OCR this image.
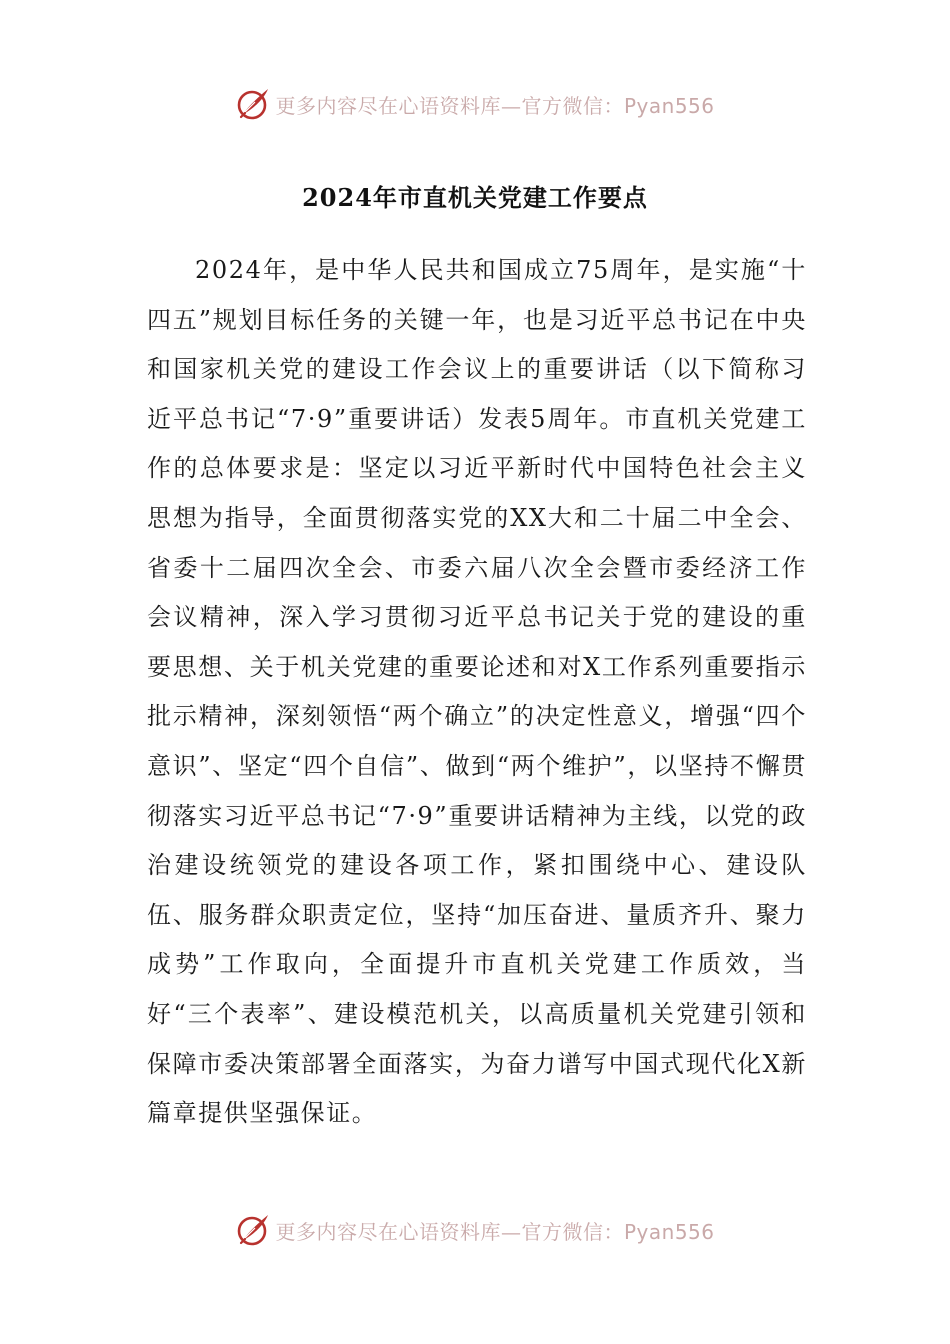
更多内容尽在心语资料库—官方微信：Pyan556
2024年市直机关党建工作要点

2024年，是中华人民共和国成立75周年，是实施“十四五”规划目标任务的关键一年，也是习近平总书记在中央和国家机关党的建设工作会议上的重要讲话（以下简称习近平总书记“7·9”重要讲话）发表5周年。市直机关党建工作的总体要求是：坚定以习近平新时代中国特色社会主义思想为指导，全面贯彻落实党的XX大和二十届二中全会、省委十二届四次全会、市委六届八次全会暨市委经济工作会议精神，深入学习贯彻习近平总书记关于党的建设的重要思想、关于机关党建的重要论述和对X工作系列重要指示批示精神，深刻领悟“两个确立”的决定性意义，增强“四个意识”、坚定“四个自信”、做到“两个维护”，以坚持不懈贯彻落实习近平总书记“7·9”重要讲话精神为主线，以党的政治建设统领党的建设各项工作，紧扣围绕中心、建设队伍、服务群众职责定位，坚持“加压奋进、量质齐升、聚力成势”工作取向，全面提升市直机关党建工作质效，当好“三个表率”、建设模范机关，以高质量机关党建引领和保障市委决策部署全面落实，为奋力谱写中国式现代化X新篇章提供坚强保证。

更多内容尽在心语资料库—官方微信：Pyan556
